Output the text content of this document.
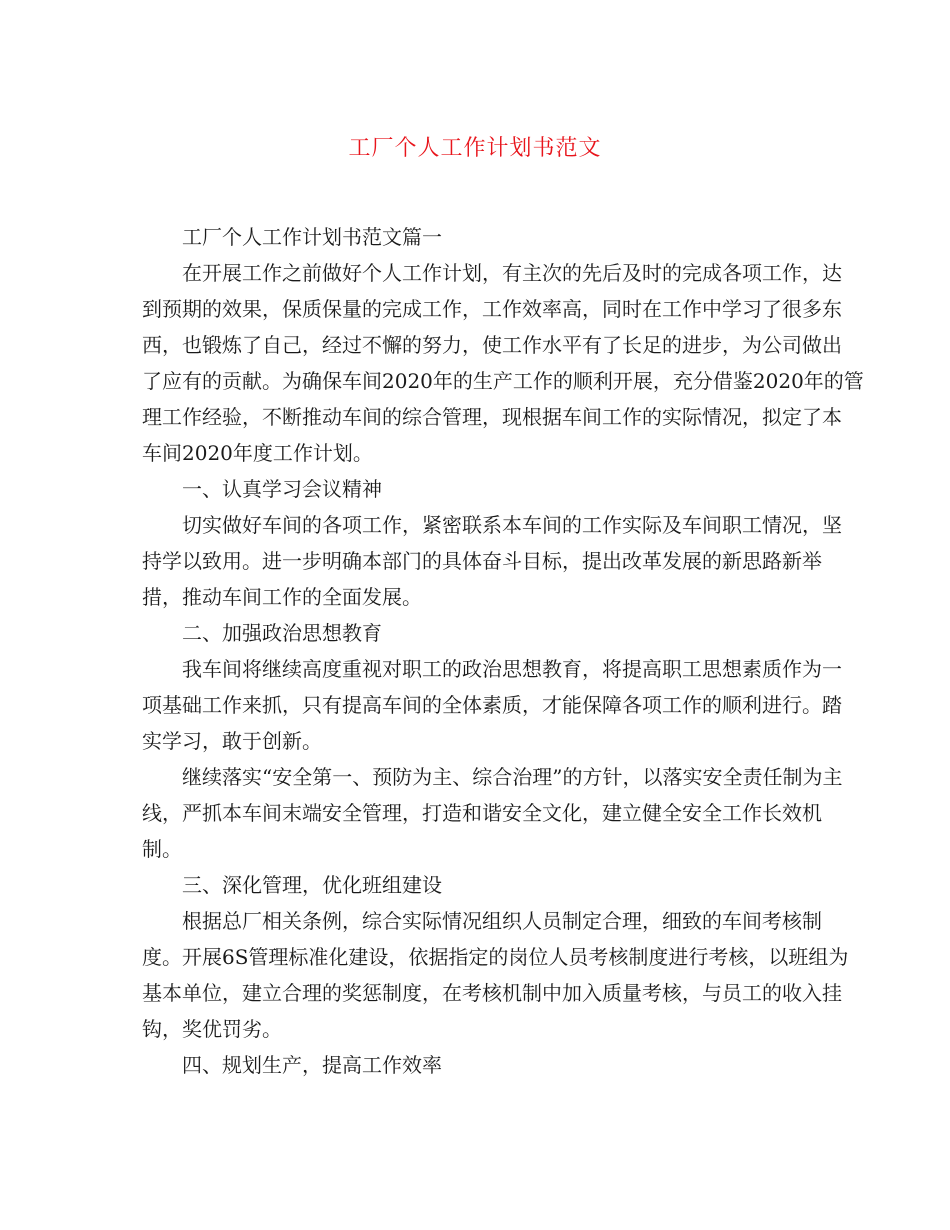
工厂个人工作计划书范文

工厂个人工作计划书范文篇一

在开展工作之前做好个人工作计划，有主次的先后及时的完成各项工作，达

到预期的效果，保质保量的完成工作，工作效率高，同时在工作中学习了很多东

西，也锻炼了自己，经过不懈的努力，使工作水平有了长足的进步，为公司做出

了应有的贡献。为确保车间2020年的生产工作的顺利开展，充分借鉴2020年的管

理工作经验，不断推动车间的综合管理，现根据车间工作的实际情况，拟定了本

车间2020年度工作计划。

一、认真学习会议精神

切实做好车间的各项工作，紧密联系本车间的工作实际及车间职工情况，坚

持学以致用。进一步明确本部门的具体奋斗目标，提出改革发展的新思路新举

措，推动车间工作的全面发展。

二、加强政治思想教育

我车间将继续高度重视对职工的政治思想教育，将提高职工思想素质作为一

项基础工作来抓，只有提高车间的全体素质，才能保障各项工作的顺利进行。踏

实学习，敢于创新。

继续落实“安全第一、预防为主、综合治理”的方针，以落实安全责任制为主

线，严抓本车间末端安全管理，打造和谐安全文化，建立健全安全工作长效机

制。

三、深化管理，优化班组建设

根据总厂相关条例，综合实际情况组织人员制定合理，细致的车间考核制

度。开展6S管理标准化建设，依据指定的岗位人员考核制度进行考核，以班组为

基本单位，建立合理的奖惩制度，在考核机制中加入质量考核，与员工的收入挂

钩，奖优罚劣。

四、规划生产，提高工作效率
